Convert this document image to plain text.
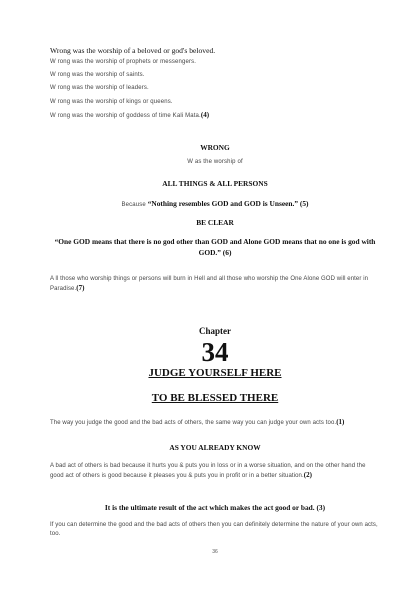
Wrong was the worship of a beloved or god's beloved.
W rong was the worship of prophets or messengers.
W rong was the worship of saints.
W rong was the worship of leaders.
W rong was the worship of kings or queens.
W rong was the worship of goddess of time Kali Mata.(4)
WRONG
W as the worship of
ALL THINGS & ALL PERSONS
Because “Nothing resembles GOD and GOD is Unseen.” (5)
BE CLEAR
“One GOD means that there is no god other than GOD and Alone GOD means that no one is god with GOD.” (6)
A ll those who worship things or persons will burn in Hell and all those who worship the One Alone GOD will enter in Paradise.(7)
Chapter
34
JUDGE YOURSELF HERE
TO BE BLESSED THERE
The way you judge the good and the bad acts of others, the same way you can judge your own acts too.(1)
AS YOU ALREADY KNOW
A bad act of others is bad because it hurts you & puts you in loss or in a worse situation, and on the other hand the good act of others is good because it pleases you & puts you in profit or in a better situation.(2)
It is the ultimate result of the act which makes the act good or bad. (3)
If you can determine the good and the bad acts of others then you can definitely determine the nature of your own acts, too.
36
